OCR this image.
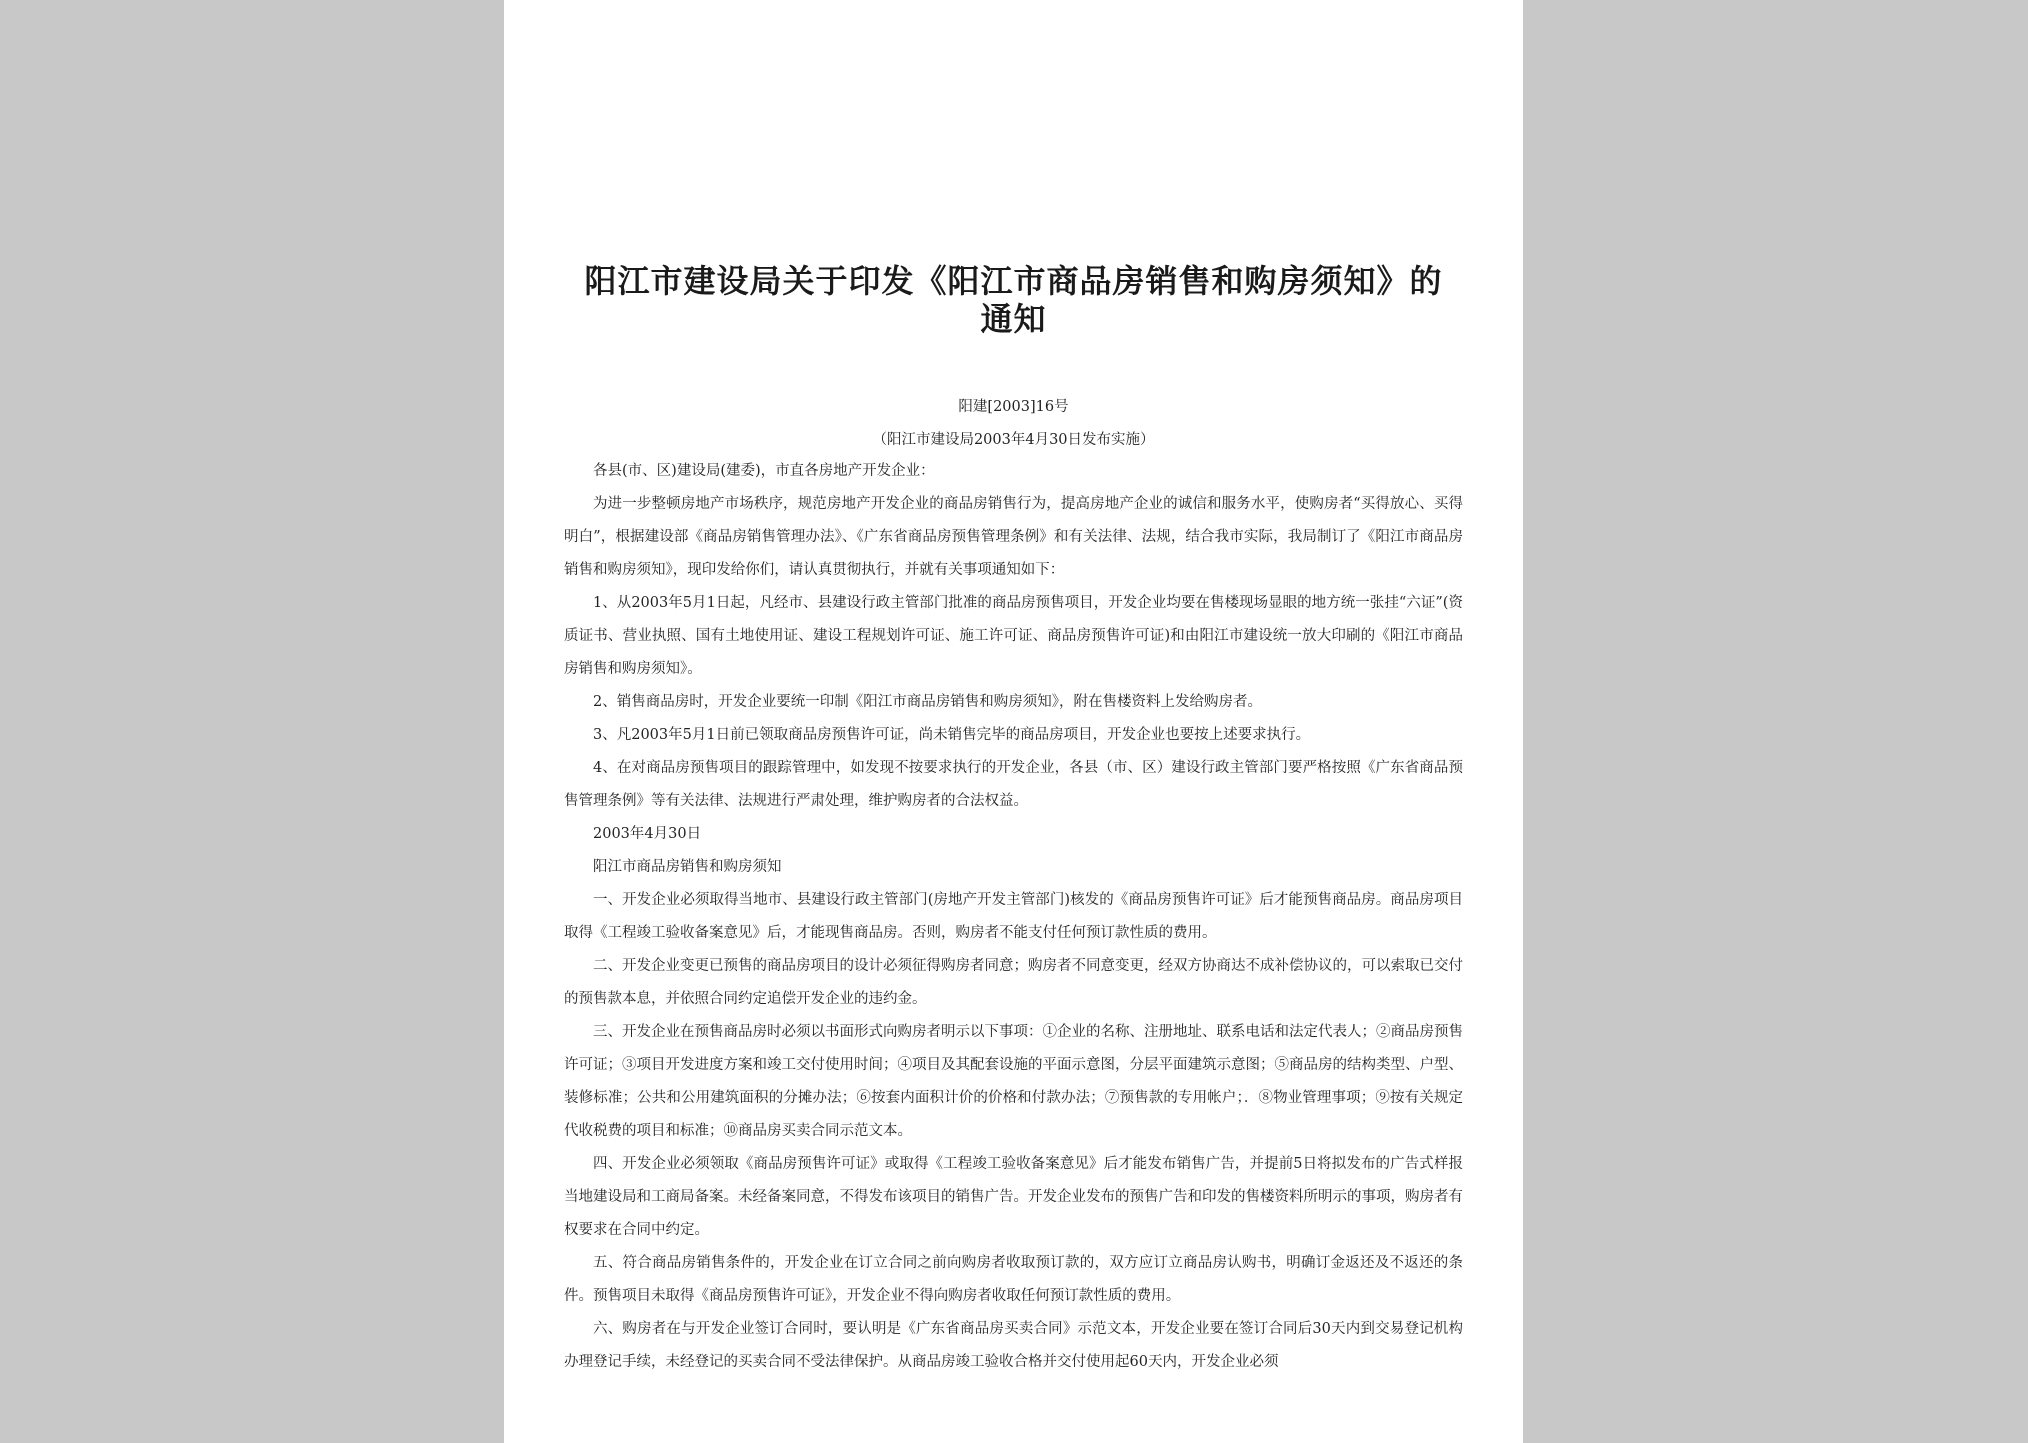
阳江市建设局关于印发《阳江市商品房销售和购房须知》的通知
阳建[2003]16号
（阳江市建设局2003年4月30日发布实施）

各县(市、区)建设局(建委)，市直各房地产开发企业：

为进一步整顿房地产市场秩序，规范房地产开发企业的商品房销售行为，提高房地产企业的诚信和服务水平，使购房者“买得放心、买得明白”，根据建设部《商品房销售管理办法》、《广东省商品房预售管理条例》和有关法律、法规，结合我市实际，我局制订了《阳江市商品房销售和购房须知》，现印发给你们，请认真贯彻执行，并就有关事项通知如下：

1、从2003年5月1日起，凡经市、县建设行政主管部门批准的商品房预售项目，开发企业均要在售楼现场显眼的地方统一张挂“六证”(资质证书、营业执照、国有土地使用证、建设工程规划许可证、施工许可证、商品房预售许可证)和由阳江市建设统一放大印刷的《阳江市商品房销售和购房须知》。

2、销售商品房时，开发企业要统一印制《阳江市商品房销售和购房须知》，附在售楼资料上发给购房者。

3、凡2003年5月1日前已领取商品房预售许可证，尚未销售完毕的商品房项目，开发企业也要按上述要求执行。

4、在对商品房预售项目的跟踪管理中，如发现不按要求执行的开发企业，各县（市、区）建设行政主管部门要严格按照《广东省商品预售管理条例》等有关法律、法规进行严肃处理，维护购房者的合法权益。

2003年4月30日

阳江市商品房销售和购房须知

一、开发企业必须取得当地市、县建设行政主管部门(房地产开发主管部门)核发的《商品房预售许可证》后才能预售商品房。商品房项目取得《工程竣工验收备案意见》后，才能现售商品房。否则，购房者不能支付任何预订款性质的费用。

二、开发企业变更已预售的商品房项目的设计必须征得购房者同意；购房者不同意变更，经双方协商达不成补偿协议的，可以索取已交付的预售款本息，并依照合同约定追偿开发企业的违约金。

三、开发企业在预售商品房时必须以书面形式向购房者明示以下事项：①企业的名称、注册地址、联系电话和法定代表人；②商品房预售许可证；③项目开发进度方案和竣工交付使用时间；④项目及其配套设施的平面示意图，分层平面建筑示意图；⑤商品房的结构类型、户型、装修标准；公共和公用建筑面积的分摊办法；⑥按套内面积计价的价格和付款办法；⑦预售款的专用帐户；．⑧物业管理事项；⑨按有关规定代收税费的项目和标准；⑩商品房买卖合同示范文本。

四、开发企业必须领取《商品房预售许可证》或取得《工程竣工验收备案意见》后才能发布销售广告，并提前5日将拟发布的广告式样报当地建设局和工商局备案。未经备案同意，不得发布该项目的销售广告。开发企业发布的预售广告和印发的售楼资料所明示的事项，购房者有权要求在合同中约定。

五、符合商品房销售条件的，开发企业在订立合同之前向购房者收取预订款的，双方应订立商品房认购书，明确订金返还及不返还的条件。预售项目未取得《商品房预售许可证》，开发企业不得向购房者收取任何预订款性质的费用。

六、购房者在与开发企业签订合同时，要认明是《广东省商品房买卖合同》示范文本，开发企业要在签订合同后30天内到交易登记机构办理登记手续，未经登记的买卖合同不受法律保护。从商品房竣工验收合格并交付使用起60天内，开发企业必须
